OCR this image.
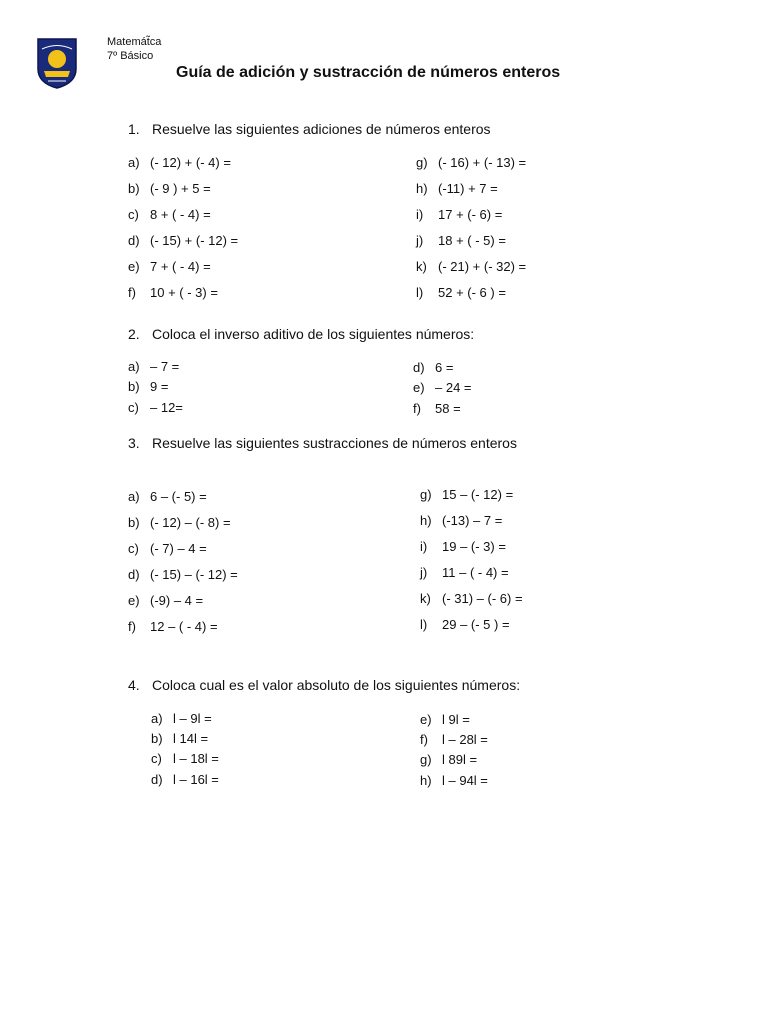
Matemát̃ca
7º Básico
Guía de adición y sustracción de números enteros
1. Resuelve las siguientes adiciones de números enteros
a) (- 12) + (- 4) =
b) (- 9 ) + 5 =
c) 8 + ( - 4) =
d) (- 15) + (- 12) =
e) 7 + ( - 4) =
f) 10 + ( - 3) =
g) (- 16) + (- 13) =
h) (-11) + 7 =
i) 17 + (- 6) =
j) 18 + ( - 5) =
k) (- 21) + (- 32) =
l) 52 + (- 6 ) =
2. Coloca el inverso aditivo de los siguientes números:
a) – 7 =
b) 9 =
c) – 12=
d) 6 =
e) – 24 =
f) 58 =
3. Resuelve las siguientes sustracciones de números enteros
a) 6 – (- 5) =
b) (- 12) – (- 8) =
c) (- 7) – 4 =
d) (- 15) – (- 12) =
e) (-9) – 4 =
f) 12 – ( - 4) =
g) 15 – (- 12) =
h) (-13) – 7 =
i) 19 – (- 3) =
j) 11 – ( - 4) =
k) (- 31) – (- 6) =
l) 29 – (- 5 ) =
4. Coloca cual es el valor absoluto de los siguientes números:
a) l – 9l =
b) l 14l =
c) l – 18l =
d) l – 16l =
e) l 9l =
f) l – 28l =
g) l 89l =
h) l – 94l =
